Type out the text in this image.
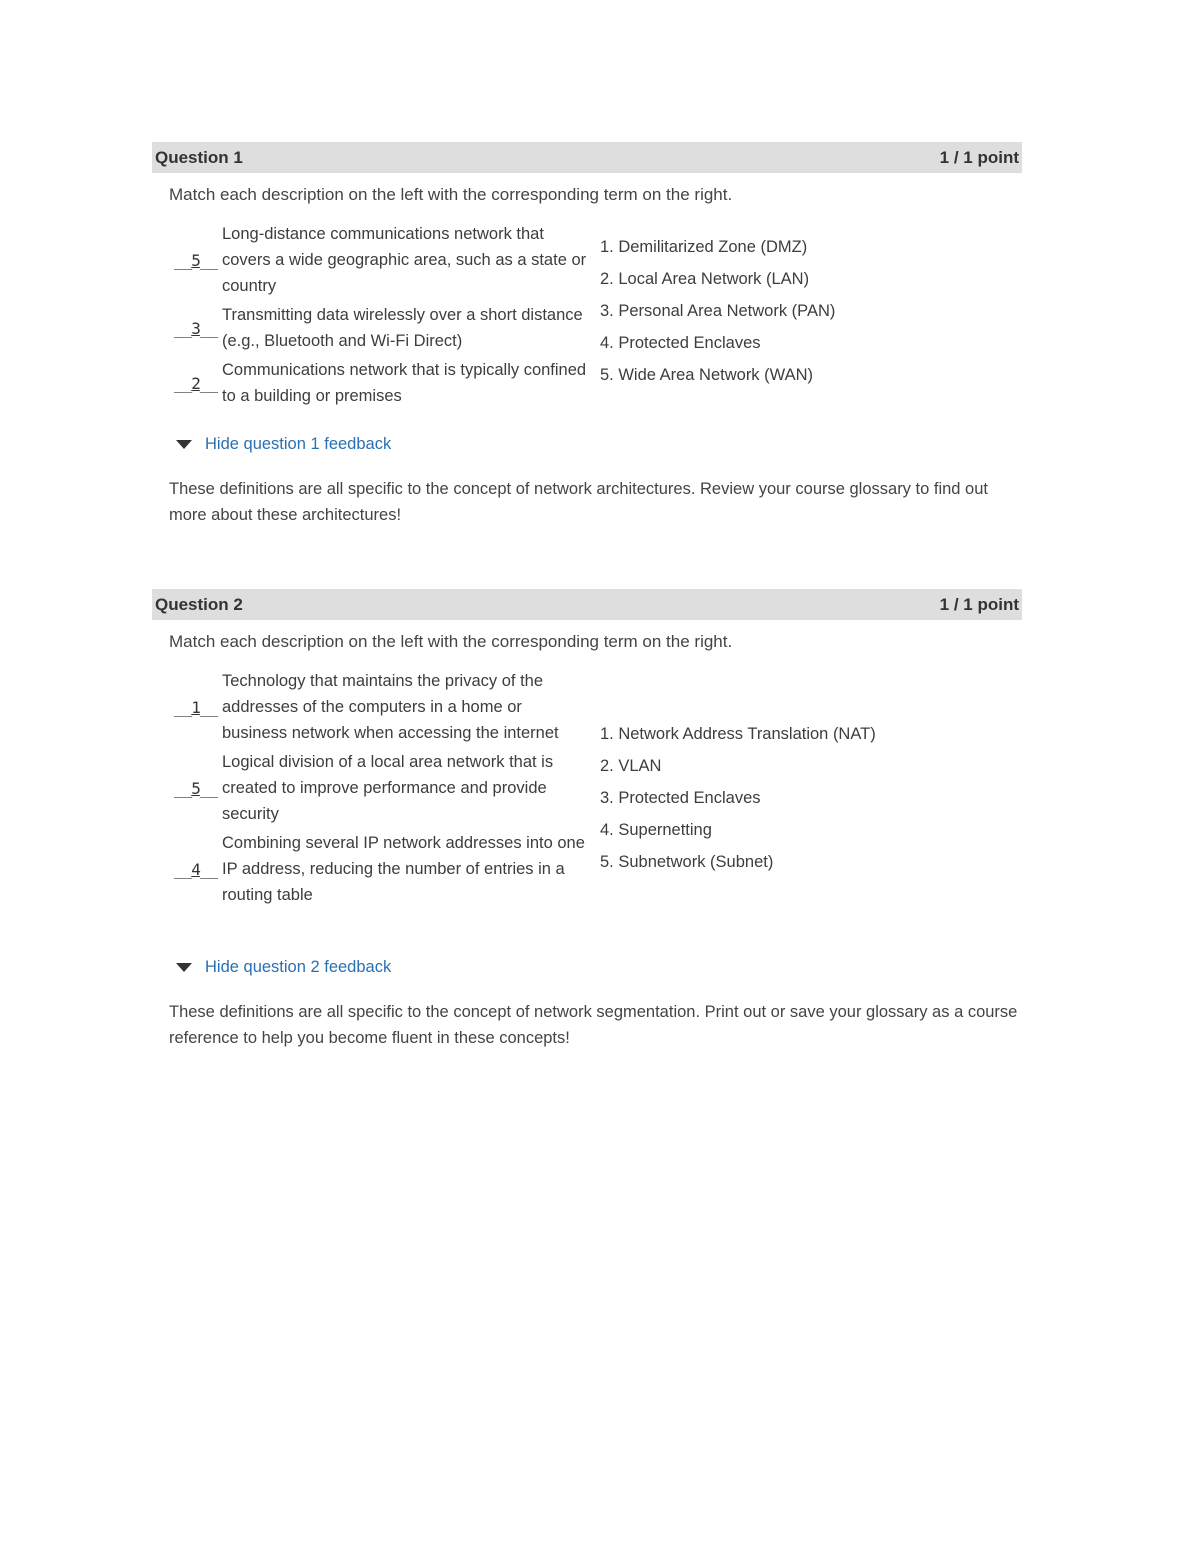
Question 1	1 / 1 point
Match each description on the left with the corresponding term on the right.
__5__
Long-distance communications network that covers a wide geographic area, such as a state or country
__3__
Transmitting data wirelessly over a short distance (e.g., Bluetooth and Wi-Fi Direct)
__2__
Communications network that is typically confined to a building or premises
1. Demilitarized Zone (DMZ)
2. Local Area Network (LAN)
3. Personal Area Network (PAN)
4. Protected Enclaves
5. Wide Area Network (WAN)
Hide question 1 feedback
These definitions are all specific to the concept of network architectures. Review your course glossary to find out more about these architectures!
Question 2	1 / 1 point
Match each description on the left with the corresponding term on the right.
__1__
Technology that maintains the privacy of the addresses of the computers in a home or business network when accessing the internet
__5__
Logical division of a local area network that is created to improve performance and provide security
__4__
Combining several IP network addresses into one IP address, reducing the number of entries in a routing table
1. Network Address Translation (NAT)
2. VLAN
3. Protected Enclaves
4. Supernetting
5. Subnetwork (Subnet)
Hide question 2 feedback
These definitions are all specific to the concept of network segmentation. Print out or save your glossary as a course reference to help you become fluent in these concepts!
